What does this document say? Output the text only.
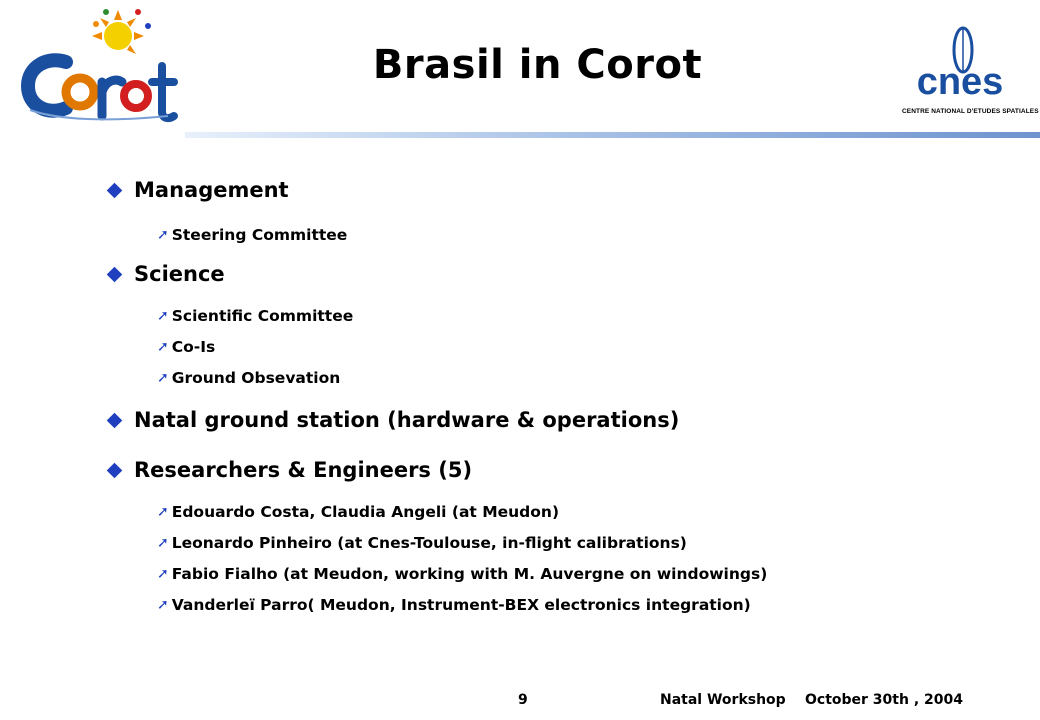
cnes
CENTRE NATIONAL D'ETUDES SPATIALES
Brasil in Corot
Management
➚ Steering Committee
Science
➚ Scientific Committee
➚ Co-Is
➚ Ground Obsevation
Natal ground station (hardware & operations)
Researchers & Engineers (5)
➚ Edouardo Costa, Claudia Angeli (at Meudon)
➚ Leonardo Pinheiro (at Cnes-Toulouse, in-flight calibrations)
➚ Fabio Fialho (at Meudon, working with M. Auvergne on windowings)
➚ Vanderleï Parro( Meudon, Instrument-BEX electronics integration)
9	Natal Workshop October 30th , 2004
